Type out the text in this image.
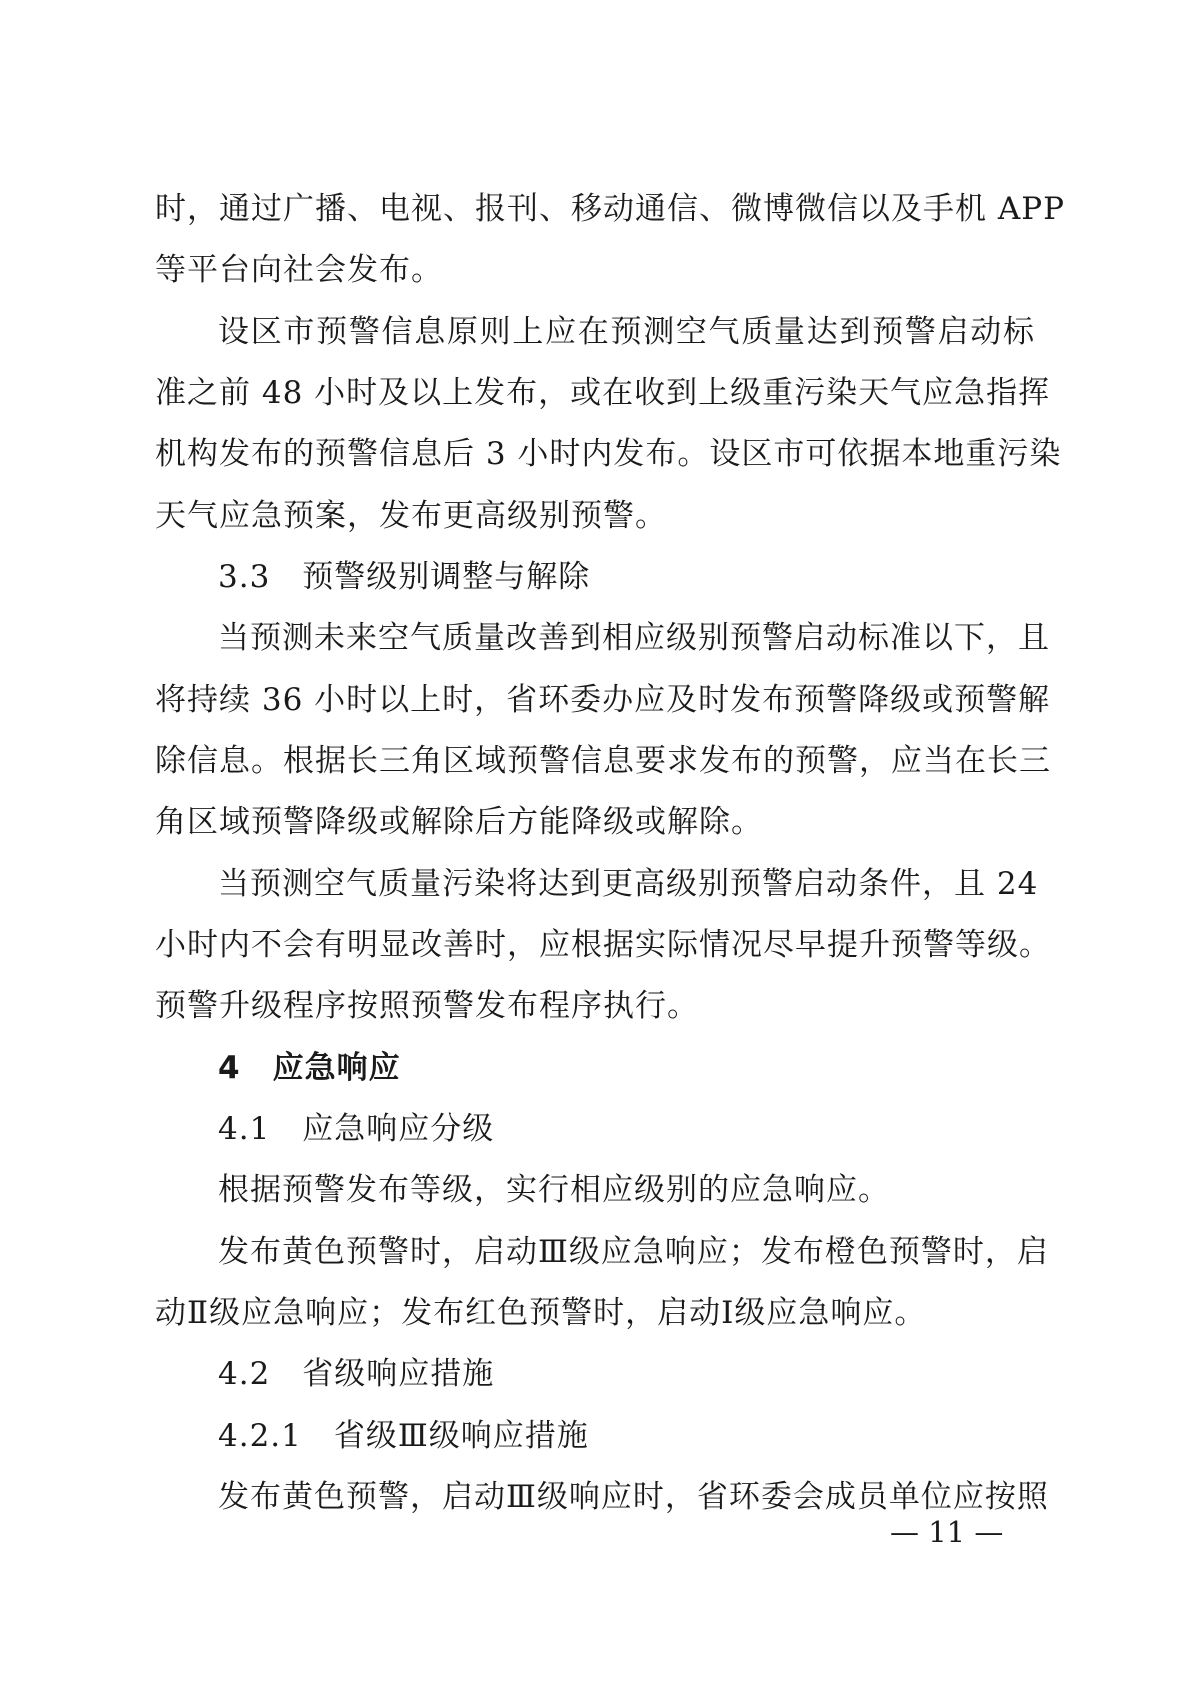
时，通过广播、电视、报刊、移动通信、微博微信以及手机 APP
等平台向社会发布。
设区市预警信息原则上应在预测空气质量达到预警启动标
准之前 48 小时及以上发布，或在收到上级重污染天气应急指挥
机构发布的预警信息后 3 小时内发布。设区市可依据本地重污染
天气应急预案，发布更高级别预警。
3.3　预警级别调整与解除
当预测未来空气质量改善到相应级别预警启动标准以下，且
将持续 36 小时以上时，省环委办应及时发布预警降级或预警解
除信息。根据长三角区域预警信息要求发布的预警，应当在长三
角区域预警降级或解除后方能降级或解除。
当预测空气质量污染将达到更高级别预警启动条件，且 24
小时内不会有明显改善时，应根据实际情况尽早提升预警等级。
预警升级程序按照预警发布程序执行。
4　应急响应
4.1　应急响应分级
根据预警发布等级，实行相应级别的应急响应。
发布黄色预警时，启动Ⅲ级应急响应；发布橙色预警时，启
动Ⅱ级应急响应；发布红色预警时，启动Ⅰ级应急响应。
4.2　省级响应措施
4.2.1　省级Ⅲ级响应措施
发布黄色预警，启动Ⅲ级响应时，省环委会成员单位应按照
— 11 —
